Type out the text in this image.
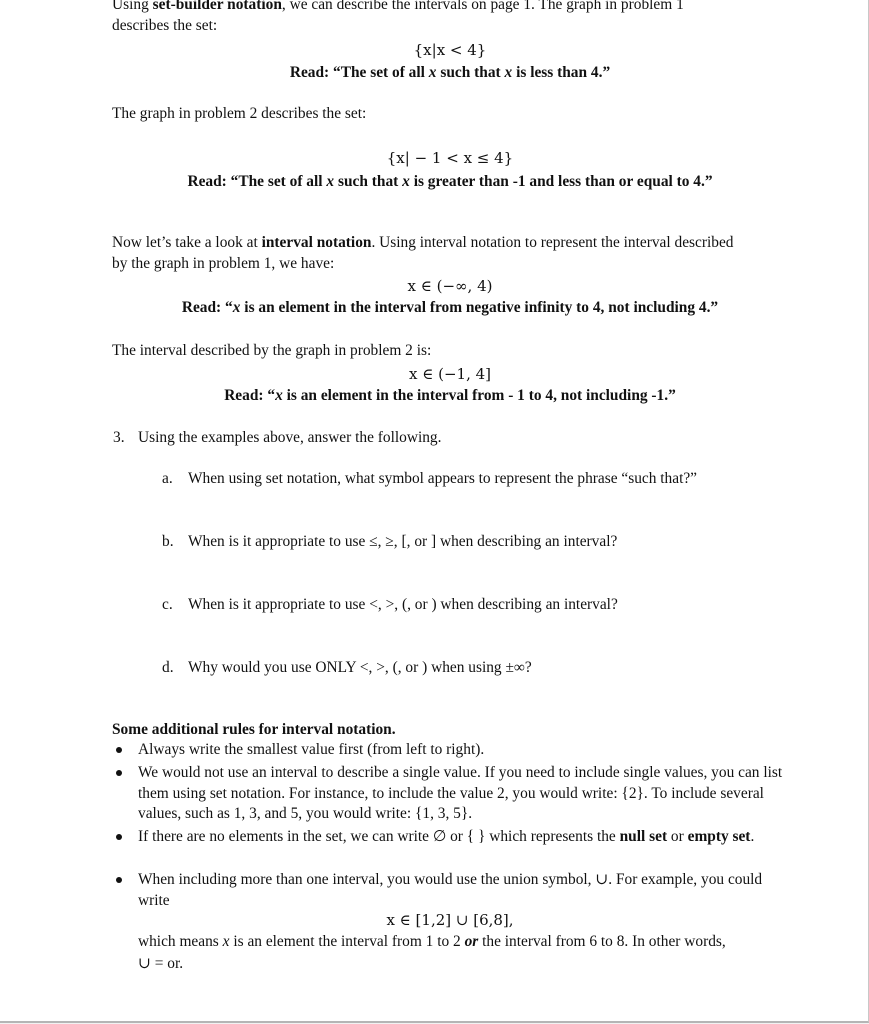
Using set-builder notation, we can describe the intervals on page 1. The graph in problem 1
describes the set:
{x|x < 4}
Read: “The set of all x such that x is less than 4.”
The graph in problem 2 describes the set:
{x| − 1 < x ≤ 4}
Read: “The set of all x such that x is greater than -1 and less than or equal to 4.”
Now let’s take a look at interval notation. Using interval notation to represent the interval described
by the graph in problem 1, we have:
x ∈ (−∞, 4)
Read: “x is an element in the interval from negative infinity to 4, not including 4.”
The interval described by the graph in problem 2 is:
x ∈ (−1, 4]
Read: “x is an element in the interval from - 1 to 4, not including -1.”
3. Using the examples above, answer the following.
a. When using set notation, what symbol appears to represent the phrase “such that?”
b. When is it appropriate to use ≤, ≥, [, or ] when describing an interval?
c. When is it appropriate to use <, >, (, or ) when describing an interval?
d. Why would you use ONLY <, >, (, or ) when using ±∞?
Some additional rules for interval notation.
Always write the smallest value first (from left to right).
We would not use an interval to describe a single value. If you need to include single values, you can list them using set notation. For instance, to include the value 2, you would write: {2}. To include several values, such as 1, 3, and 5, you would write: {1, 3, 5}.
If there are no elements in the set, we can write ∅ or { } which represents the null set or empty set.
When including more than one interval, you would use the union symbol, ∪. For example, you could write
x ∈ [1,2] ∪ [6,8],
which means x is an element the interval from 1 to 2 or the interval from 6 to 8. In other words,
∪ = or.
